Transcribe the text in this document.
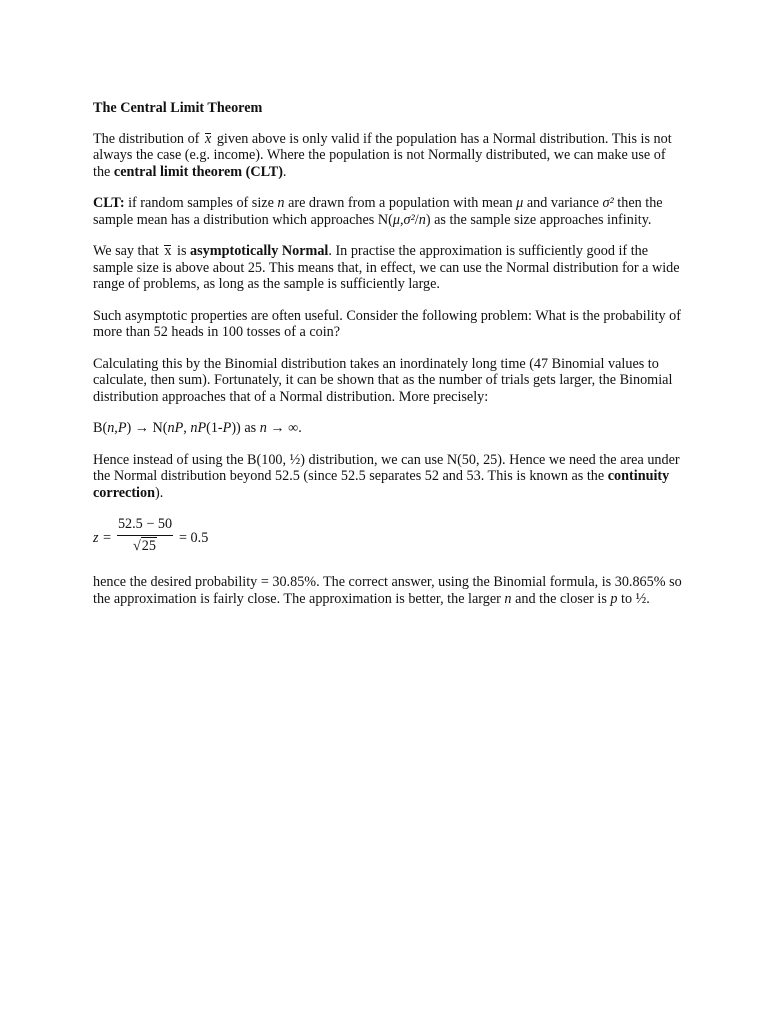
The Central Limit Theorem

The distribution of x given above is only valid if the population has a Normal distribution. This is not always the case (e.g. income). Where the population is not Normally distributed, we can make use of the central limit theorem (CLT).

CLT: if random samples of size n are drawn from a population with mean μ and variance σ² then the sample mean has a distribution which approaches N(μ,σ²/n) as the sample size approaches infinity.

We say that x is asymptotically Normal. In practise the approximation is sufficiently good if the sample size is above about 25. This means that, in effect, we can use the Normal distribution for a wide range of problems, as long as the sample is sufficiently large.

Such asymptotic properties are often useful. Consider the following problem: What is the probability of more than 52 heads in 100 tosses of a coin?

Calculating this by the Binomial distribution takes an inordinately long time (47 Binomial values to calculate, then sum). Fortunately, it can be shown that as the number of trials gets larger, the Binomial distribution approaches that of a Normal distribution. More precisely:

B(n,P) → N(nP, nP(1-P)) as n → ∞.

Hence instead of using the B(100, ½) distribution, we can use N(50, 25). Hence we need the area under the Normal distribution beyond 52.5 (since 52.5 separates 52 and 53. This is known as the continuity correction).

z =
52.5 − 50
√25	= 0.5

hence the desired probability = 30.85%. The correct answer, using the Binomial formula, is 30.865% so the approximation is fairly close. The approximation is better, the larger n and the closer is p to ½.
